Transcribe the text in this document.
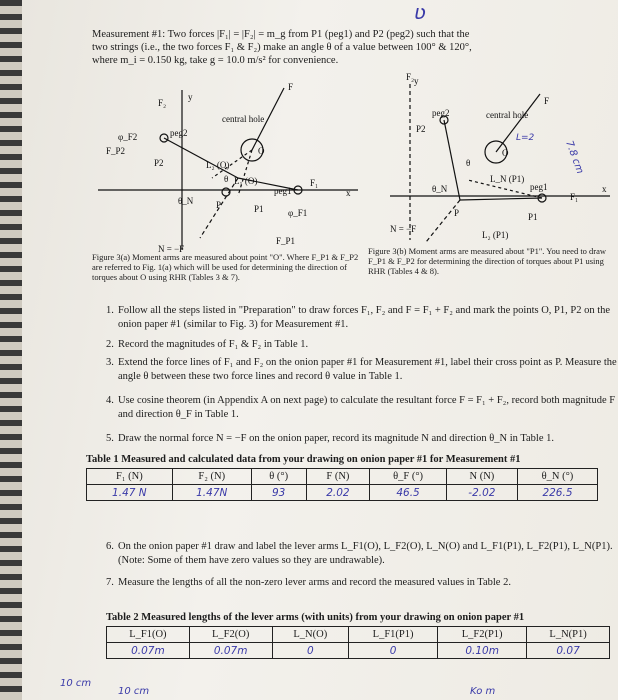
ʋ
Measurement #1: Two forces |F₁| = |F₂| = m_g from P1 (peg1) and P2 (peg2) such that the
two strings (i.e., the two forces F₁ & F₂) make an angle θ of a value between 100° & 120°,
where m_i = 0.150 kg, take g = 10.0 m/s² for convenience.
F₂
y
F
F_P2
φ_F2	peg2
P2
central hole
O
L₂ (O)
L₁ (O)
θ
peg1
F₁
x
P1
P
φ_F1
θ_N
N = −F
F_P1
F₂ y
F
peg2
P2
central hole
O
θ
L_N (P1)
θ_N	peg1
F₁
x
P	P1
L₂ (P1)
N = −F
7.8 cm
L=2
Figure 3(a) Moment arms are measured about point "O". Where F_P1 & F_P2 are referred to Fig. 1(a) which will be used for determining the direction of torques about O using RHR (Tables 3 & 7).
Figure 3(b) Moment arms are measured about "P1". You need to draw F_P1 & F_P2 for determining the direction of torques about P1 using RHR (Tables 4 & 8).
1. Follow all the steps listed in "Preparation" to draw forces F₁, F₂ and F = F₁ + F₂ and mark the points O, P1, P2 on the onion paper #1 (similar to Fig. 3) for Measurement #1.
2. Record the magnitudes of F₁ & F₂ in Table 1.
3. Extend the force lines of F₁ and F₂ on the onion paper #1 for Measurement #1, label their cross point as P. Measure the angle θ between these two force lines and record θ value in Table 1.
4. Use cosine theorem (in Appendix A on next page) to calculate the resultant force F = F₁ + F₂, record both magnitude F and direction θ_F in Table 1.
5. Draw the normal force N = −F on the onion paper, record its magnitude N and direction θ_N in Table 1.
Table 1 Measured and calculated data from your drawing on onion paper #1 for Measurement #1
F₁ (N)	F₂ (N)	θ (°)	F (N)	θ_F (°)	N (N)	θ_N (°)
1.47 N	1.47N	93	2.02	46.5	-2.02	226.5
6. On the onion paper #1 draw and label the lever arms L_F1(O), L_F2(O), L_N(O) and L_F1(P1), L_F2(P1), L_N(P1). (Note: Some of them have zero values so they are undrawable).
7. Measure the lengths of all the non-zero lever arms and record the measured values in Table 2.
Table 2 Measured lengths of the lever arms (with units) from your drawing on onion paper #1
L_F1(O)	L_F2(O)	L_N(O)	L_F1(P1)	L_F2(P1)	L_N(P1)
0.07m	0.07m	0	0	0.10m	0.07
10 cm
10 cm	Ko m
